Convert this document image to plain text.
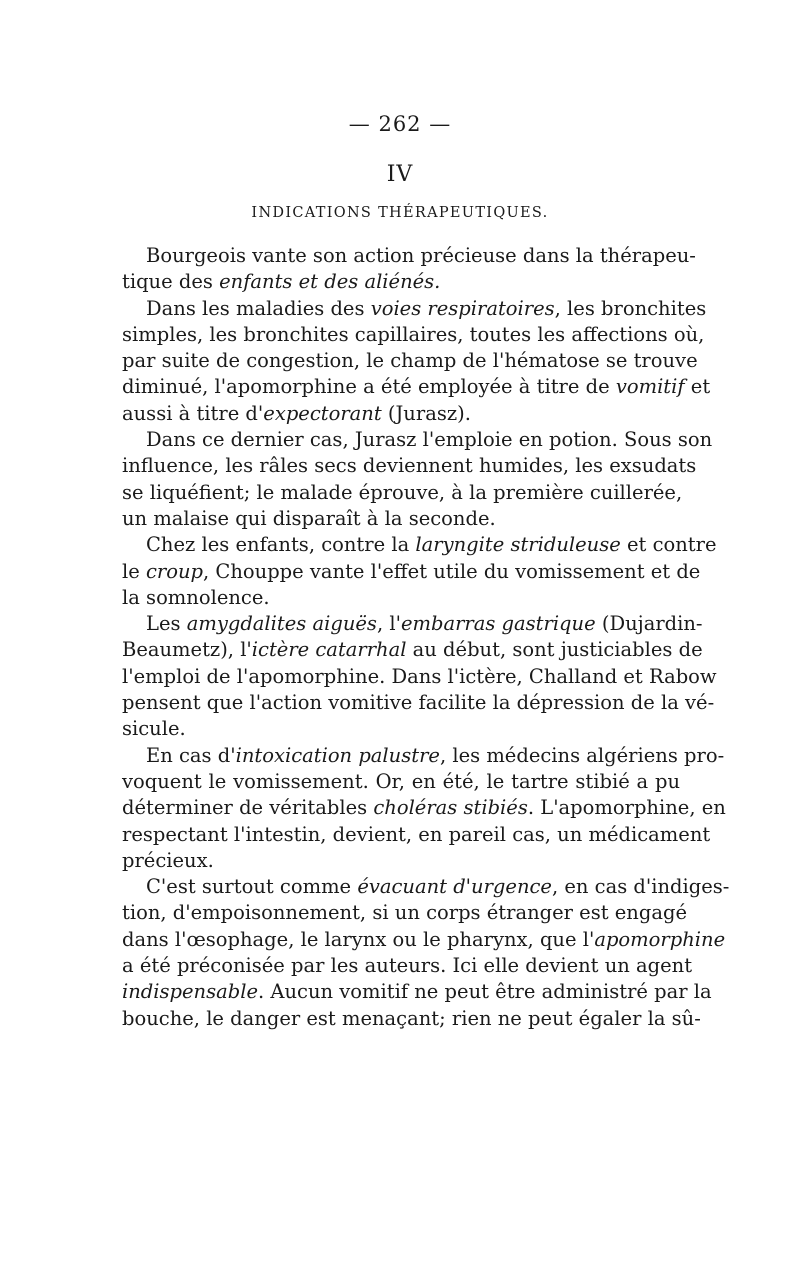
— 262 —
IV
INDICATIONS THÉRAPEUTIQUES.
Bourgeois vante son action précieuse dans la thérapeu-
tique des enfants et des aliénés.
Dans les maladies des voies respiratoires, les bronchites
simples, les bronchites capillaires, toutes les affections où,
par suite de congestion, le champ de l'hématose se trouve
diminué, l'apomorphine a été employée à titre de vomitif et
aussi à titre d'expectorant (Jurasz).
Dans ce dernier cas, Jurasz l'emploie en potion. Sous son
influence, les râles secs deviennent humides, les exsudats
se liquéfient; le malade éprouve, à la première cuillerée,
un malaise qui disparaît à la seconde.
Chez les enfants, contre la laryngite striduleuse et contre
le croup, Chouppe vante l'effet utile du vomissement et de
la somnolence.
Les amygdalites aiguës, l'embarras gastrique (Dujardin-
Beaumetz), l'ictère catarrhal au début, sont justiciables de
l'emploi de l'apomorphine. Dans l'ictère, Challand et Rabow
pensent que l'action vomitive facilite la dépression de la vé-
sicule.
En cas d'intoxication palustre, les médecins algériens pro-
voquent le vomissement. Or, en été, le tartre stibié a pu
déterminer de véritables choléras stibiés. L'apomorphine, en
respectant l'intestin, devient, en pareil cas, un médicament
précieux.
C'est surtout comme évacuant d'urgence, en cas d'indiges-
tion, d'empoisonnement, si un corps étranger est engagé
dans l'œsophage, le larynx ou le pharynx, que l'apomorphine
a été préconisée par les auteurs. Ici elle devient un agent
indispensable. Aucun vomitif ne peut être administré par la
bouche, le danger est menaçant; rien ne peut égaler la sû-
